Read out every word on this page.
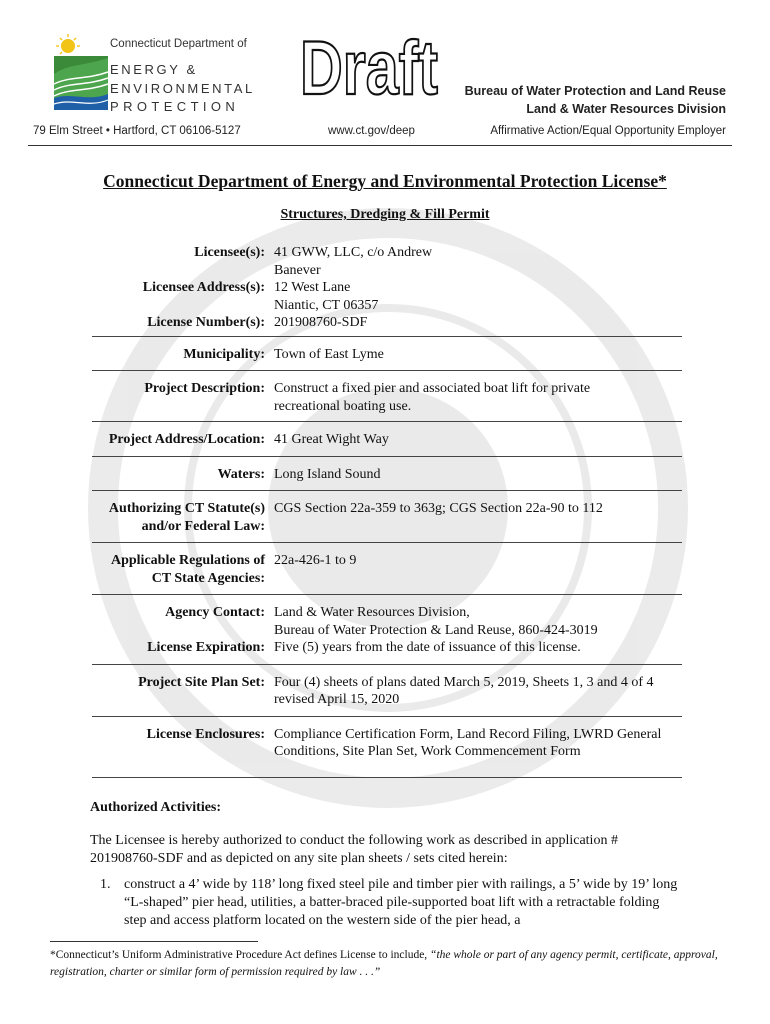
Connecticut Department of
ENERGY &
ENVIRONMENTAL
PROTECTION Draft Bureau of Water Protection and Land Reuse
Land & Water Resources Division
79 Elm Street • Hartford, CT 06106-5127	www.ct.gov/deep	Affirmative Action/Equal Opportunity Employer
Connecticut Department of Energy and Environmental Protection License*
Structures, Dredging & Fill Permit
Licensee(s): 41 GWW, LLC, c/o Andrew Banever
Licensee Address(s): 12 West Lane
Niantic, CT 06357
License Number(s): 201908760-SDF
Municipality: Town of East Lyme
Project Description: Construct a fixed pier and associated boat lift for private recreational boating use.
Project Address/Location: 41 Great Wight Way
Waters: Long Island Sound
Authorizing CT Statute(s)
and/or Federal Law:
CGS Section 22a-359 to 363g; CGS Section 22a-90 to 112
Applicable Regulations of
CT State Agencies:
22a-426-1 to 9
Agency Contact: Land & Water Resources Division,
Bureau of Water Protection & Land Reuse, 860-424-3019
License Expiration: Five (5) years from the date of issuance of this license.
Project Site Plan Set: Four (4) sheets of plans dated March 5, 2019, Sheets 1, 3 and 4 of 4 revised April 15, 2020
License Enclosures: Compliance Certification Form, Land Record Filing, LWRD General Conditions, Site Plan Set, Work Commencement Form
Authorized Activities:
The Licensee is hereby authorized to conduct the following work as described in application # 201908760-SDF and as depicted on any site plan sheets / sets cited herein:
1. construct a 4’ wide by 118’ long fixed steel pile and timber pier with railings, a 5’ wide by 19’ long “L-shaped” pier head, utilities, a batter-braced pile-supported boat lift with a retractable folding step and access platform located on the western side of the pier head, a
*Connecticut’s Uniform Administrative Procedure Act defines License to include, “the whole or part of any agency permit, certificate, approval, registration, charter or similar form of permission required by law . . .”
